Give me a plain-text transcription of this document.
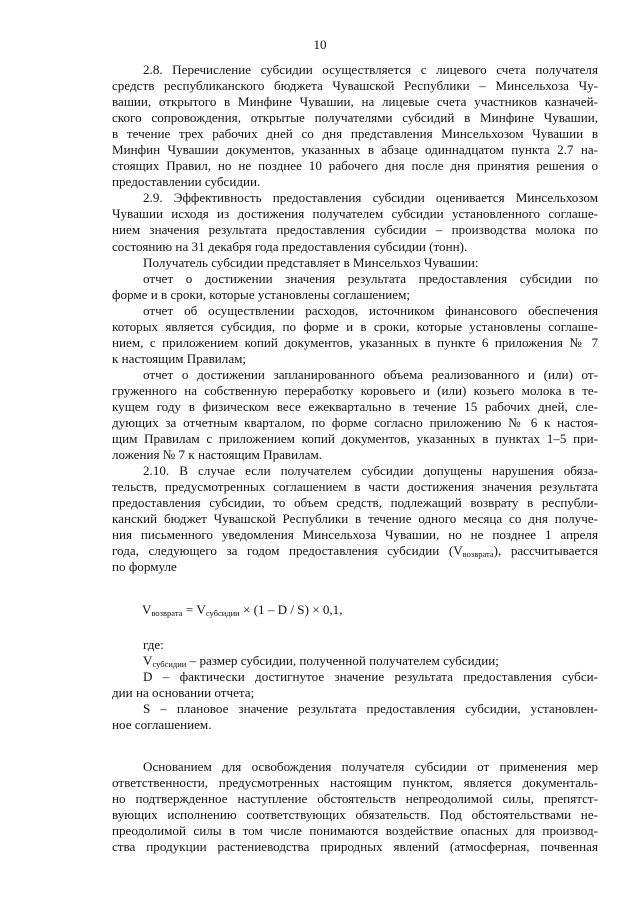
10
2.8. Перечисление субсидии осуществляется с лицевого счета получателя
средств республиканского бюджета Чувашской Республики – Минсельхоза Чу-
вашии, открытого в Минфине Чувашии, на лицевые счета участников казначей-
ского сопровождения, открытые получателями субсидий в Минфине Чувашии,
в течение трех рабочих дней со дня представления Минсельхозом Чувашии в
Минфин Чувашии документов, указанных в абзаце одиннадцатом пункта 2.7 на-
стоящих Правил, но не позднее 10 рабочего дня после дня принятия решения о
предоставлении субсидии.
2.9. Эффективность предоставления субсидии оценивается Минсельхозом
Чувашии исходя из достижения получателем субсидии установленного соглаше-
нием значения результата предоставления субсидии – производства молока по
состоянию на 31 декабря года предоставления субсидии (тонн).
Получатель субсидии представляет в Минсельхоз Чувашии:
отчет о достижении значения результата предоставления субсидии по
форме и в сроки, которые установлены соглашением;
отчет об осуществлении расходов, источником финансового обеспечения
которых является субсидия, по форме и в сроки, которые установлены соглаше-
нием, с приложением копий документов, указанных в пункте 6 приложения № 7
к настоящим Правилам;
отчет о достижении запланированного объема реализованного и (или) от-
груженного на собственную переработку коровьего и (или) козьего молока в те-
кущем году в физическом весе ежеквартально в течение 15 рабочих дней, сле-
дующих за отчетным кварталом, по форме согласно приложению № 6 к настоя-
щим Правилам с приложением копий документов, указанных в пунктах 1–5 при-
ложения № 7 к настоящим Правилам.
2.10. В случае если получателем субсидии допущены нарушения обяза-
тельств, предусмотренных соглашением в части достижения значения результата
предоставления субсидии, то объем средств, подлежащий возврату в республи-
канский бюджет Чувашской Республики в течение одного месяца со дня получе-
ния письменного уведомления Минсельхоза Чувашии, но не позднее 1 апреля
года, следующего за годом предоставления субсидии $(V_{возврата})$, рассчитывается
по формуле
$V_{возврата} = V_{субсидии} \times (1 - D / S) \times 0,1$,
где:
$V_{субсидии}$ – размер субсидии, полученной получателем субсидии;
D – фактически достигнутое значение результата предоставления субси-
дии на основании отчета;
S – плановое значение результата предоставления субсидии, установлен-
ное соглашением.
Основанием для освобождения получателя субсидии от применения мер
ответственности, предусмотренных настоящим пунктом, является документаль-
но подтвержденное наступление обстоятельств непреодолимой силы, препятст-
вующих исполнению соответствующих обязательств. Под обстоятельствами не-
преодолимой силы в том числе понимаются воздействие опасных для производ-
ства продукции растениеводства природных явлений (атмосферная, почвенная
